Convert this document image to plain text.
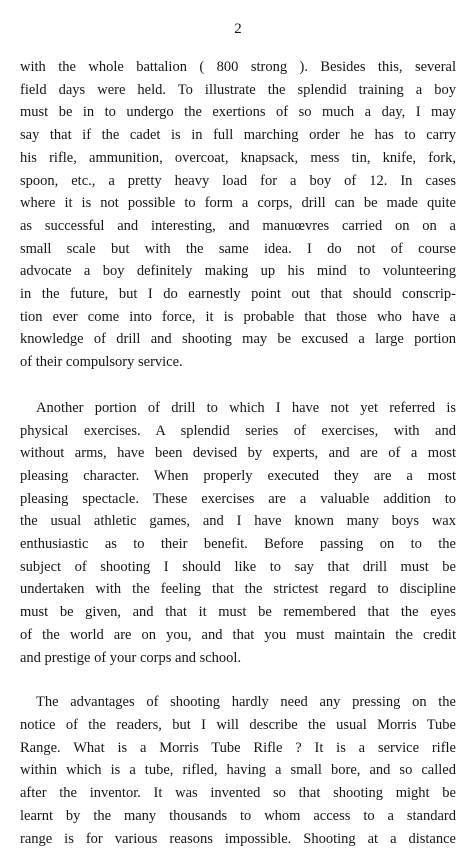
2
with the whole battalion ( 800 strong ). Besides this, several
field days were held. To illustrate the splendid training a boy
must be in to undergo the exertions of so much a day, I may
say that if the cadet is in full marching order he has to carry
his rifle, ammunition, overcoat, knapsack, mess tin, knife, fork,
spoon, etc., a pretty heavy load for a boy of 12. In cases
where it is not possible to form a corps, drill can be made quite
as successful and interesting, and manuœvres carried on on a
small scale but with the same idea. I do not of course
advocate a boy definitely making up his mind to volunteering
in the future, but I do earnestly point out that should conscrip-
tion ever come into force, it is probable that those who have a
knowledge of drill and shooting may be excused a large portion
of their compulsory service.
Another portion of drill to which I have not yet referred is
physical exercises. A splendid series of exercises, with and
without arms, have been devised by experts, and are of a most
pleasing character. When properly executed they are a most
pleasing spectacle. These exercises are a valuable addition to
the usual athletic games, and I have known many boys wax
enthusiastic as to their benefit. Before passing on to the
subject of shooting I should like to say that drill must be
undertaken with the feeling that the strictest regard to discipline
must be given, and that it must be remembered that the eyes
of the world are on you, and that you must maintain the credit
and prestige of your corps and school.
The advantages of shooting hardly need any pressing on the
notice of the readers, but I will describe the usual Morris Tube
Range. What is a Morris Tube Rifle ? It is a service rifle
within which is a tube, rifled, having a small bore, and so called
after the inventor. It was invented so that shooting might be
learnt by the many thousands to whom access to a standard
range is for various reasons impossible. Shooting at a distance
